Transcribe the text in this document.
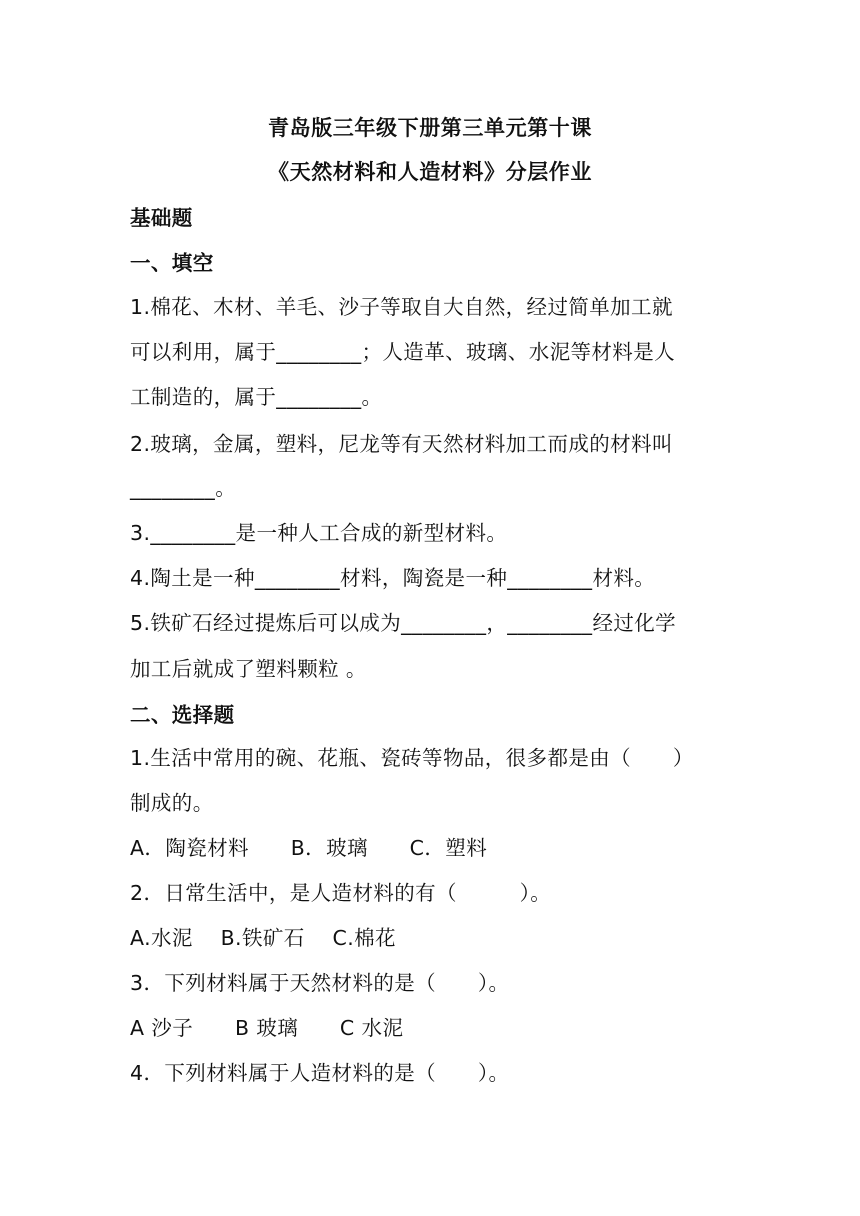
青岛版三年级下册第三单元第十课
《天然材料和人造材料》分层作业
基础题
一、填空
1.棉花、木材、羊毛、沙子等取自大自然，经过简单加工就
可以利用，属于________；人造革、玻璃、水泥等材料是人
工制造的，属于________。
2.玻璃，金属，塑料，尼龙等有天然材料加工而成的材料叫
________。
3.________是一种人工合成的新型材料。
4.陶土是一种________材料，陶瓷是一种________材料。
5.铁矿石经过提炼后可以成为________，________经过化学
加工后就成了塑料颗粒 。
二、选择题
1.生活中常用的碗、花瓶、瓷砖等物品，很多都是由（　　）
制成的。
A．陶瓷材料　　B．玻璃　　C．塑料
2．日常生活中，是人造材料的有（　　　）。
A.水泥　 B.铁矿石　 C.棉花
3．下列材料属于天然材料的是（　　）。
A 沙子　　B 玻璃　　C 水泥
4．下列材料属于人造材料的是（　　）。
